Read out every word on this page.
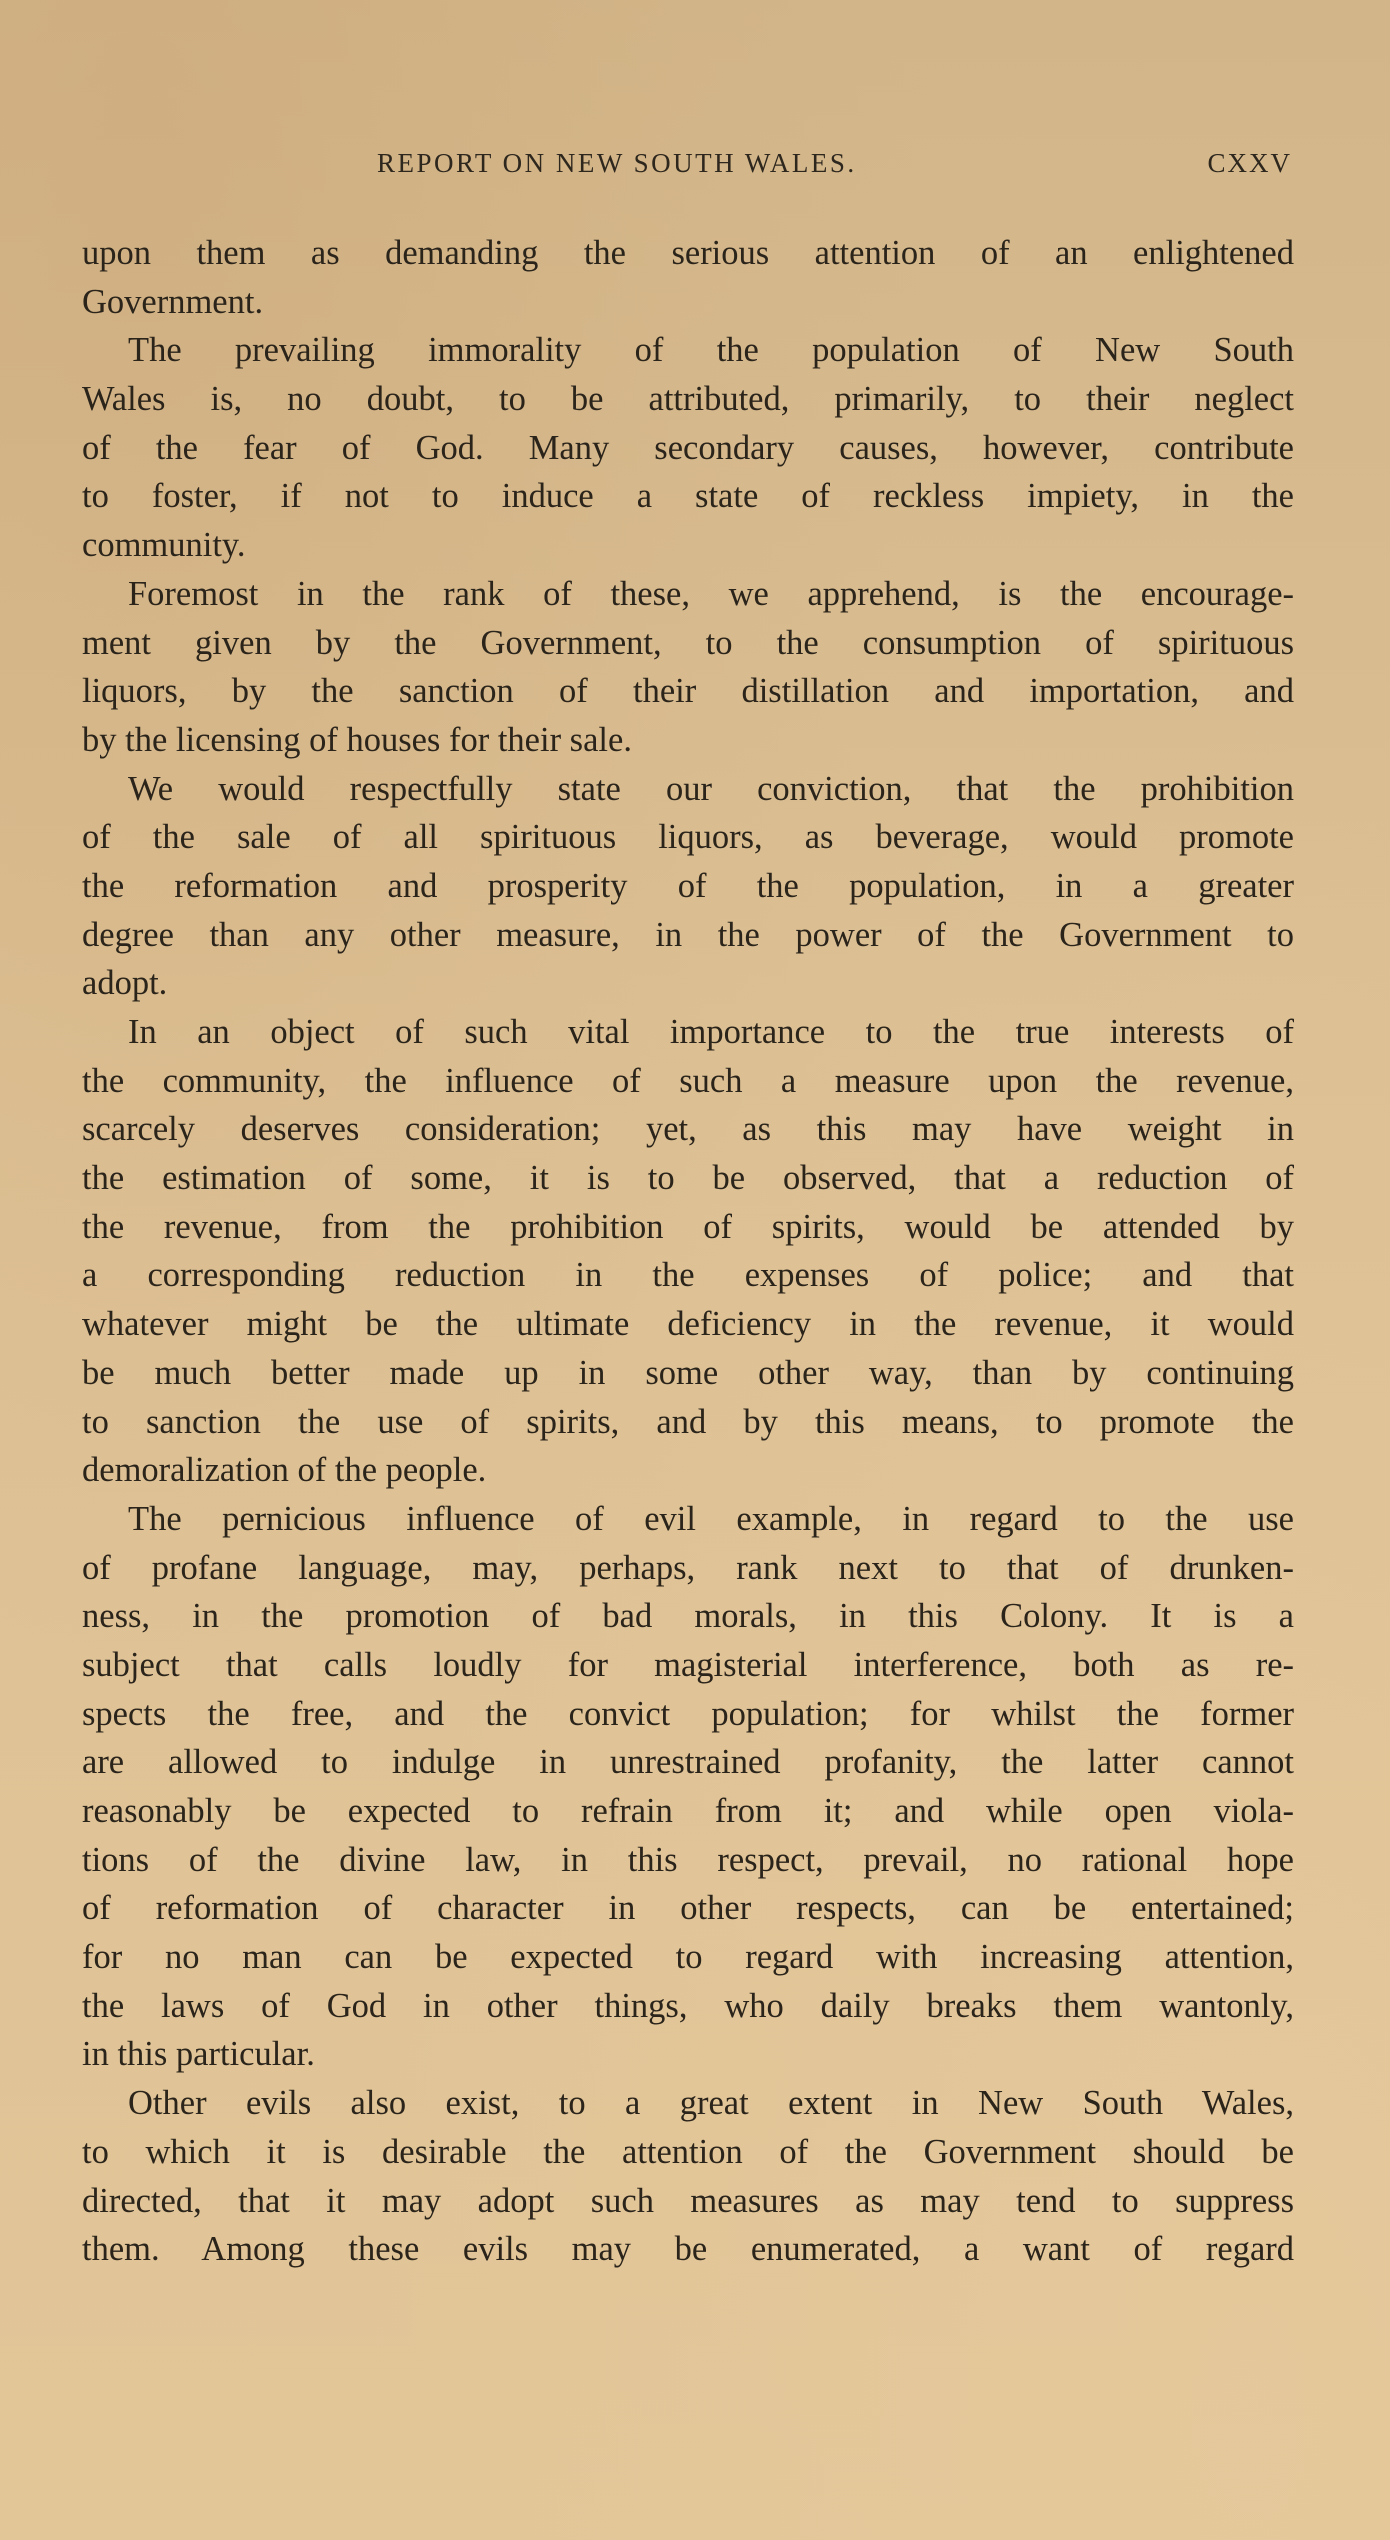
REPORT ON NEW SOUTH WALES.	CXXV
upon them as demanding the serious attention of an enlightened
Government.
The prevailing immorality of the population of New South
Wales is, no doubt, to be attributed, primarily, to their neglect
of the fear of God. Many secondary causes, however, contribute
to foster, if not to induce a state of reckless impiety, in the
community.
Foremost in the rank of these, we apprehend, is the encourage-
ment given by the Government, to the consumption of spirituous
liquors, by the sanction of their distillation and importation, and
by the licensing of houses for their sale.
We would respectfully state our conviction, that the prohibition
of the sale of all spirituous liquors, as beverage, would promote
the reformation and prosperity of the population, in a greater
degree than any other measure, in the power of the Government to
adopt.
In an object of such vital importance to the true interests of
the community, the influence of such a measure upon the revenue,
scarcely deserves consideration; yet, as this may have weight in
the estimation of some, it is to be observed, that a reduction of
the revenue, from the prohibition of spirits, would be attended by
a corresponding reduction in the expenses of police; and that
whatever might be the ultimate deficiency in the revenue, it would
be much better made up in some other way, than by continuing
to sanction the use of spirits, and by this means, to promote the
demoralization of the people.
The pernicious influence of evil example, in regard to the use
of profane language, may, perhaps, rank next to that of drunken-
ness, in the promotion of bad morals, in this Colony. It is a
subject that calls loudly for magisterial interference, both as re-
spects the free, and the convict population; for whilst the former
are allowed to indulge in unrestrained profanity, the latter cannot
reasonably be expected to refrain from it; and while open viola-
tions of the divine law, in this respect, prevail, no rational hope
of reformation of character in other respects, can be entertained;
for no man can be expected to regard with increasing attention,
the laws of God in other things, who daily breaks them wantonly,
in this particular.
Other evils also exist, to a great extent in New South Wales,
to which it is desirable the attention of the Government should be
directed, that it may adopt such measures as may tend to suppress
them. Among these evils may be enumerated, a want of regard
